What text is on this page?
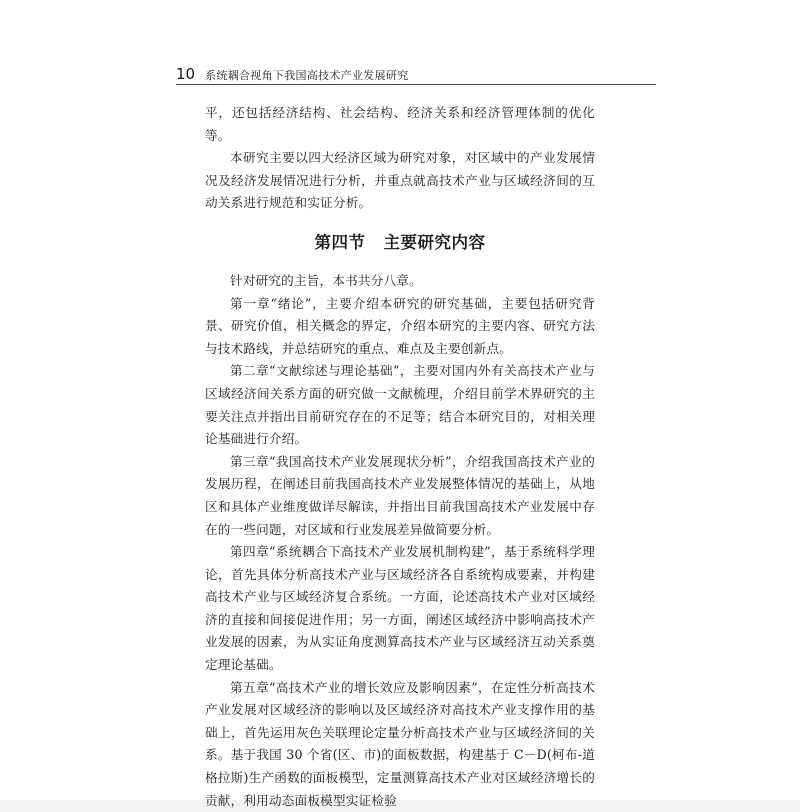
10 系统耦合视角下我国高技术产业发展研究

平，还包括经济结构、社会结构、经济关系和经济管理体制的优化等。

本研究主要以四大经济区域为研究对象，对区域中的产业发展情况及经济发展情况进行分析，并重点就高技术产业与区域经济间的互动关系进行规范和实证分析。

第四节 主要研究内容

针对研究的主旨，本书共分八章。

第一章“绪论”，主要介绍本研究的研究基础，主要包括研究背景、研究价值，相关概念的界定，介绍本研究的主要内容、研究方法与技术路线，并总结研究的重点、难点及主要创新点。

第二章“文献综述与理论基础”，主要对国内外有关高技术产业与区域经济间关系方面的研究做一文献梳理，介绍目前学术界研究的主要关注点并指出目前研究存在的不足等；结合本研究目的，对相关理论基础进行介绍。

第三章“我国高技术产业发展现状分析”，介绍我国高技术产业的发展历程，在阐述目前我国高技术产业发展整体情况的基础上，从地区和具体产业维度做详尽解读，并指出目前我国高技术产业发展中存在的一些问题，对区域和行业发展差异做简要分析。

第四章“系统耦合下高技术产业发展机制构建”，基于系统科学理论，首先具体分析高技术产业与区域经济各自系统构成要素，并构建高技术产业与区域经济复合系统。一方面，论述高技术产业对区域经济的直接和间接促进作用；另一方面，阐述区域经济中影响高技术产业发展的因素，为从实证角度测算高技术产业与区域经济互动关系奠定理论基础。

第五章“高技术产业的增长效应及影响因素”，在定性分析高技术产业发展对区域经济的影响以及区域经济对高技术产业支撑作用的基础上，首先运用灰色关联理论定量分析高技术产业与区域经济间的关系。基于我国 30 个省(区、市)的面板数据，构建基于 C－D(柯布-道格拉斯)生产函数的面板模型，定量测算高技术产业对区域经济增长的贡献，利用动态面板模型实证检验
